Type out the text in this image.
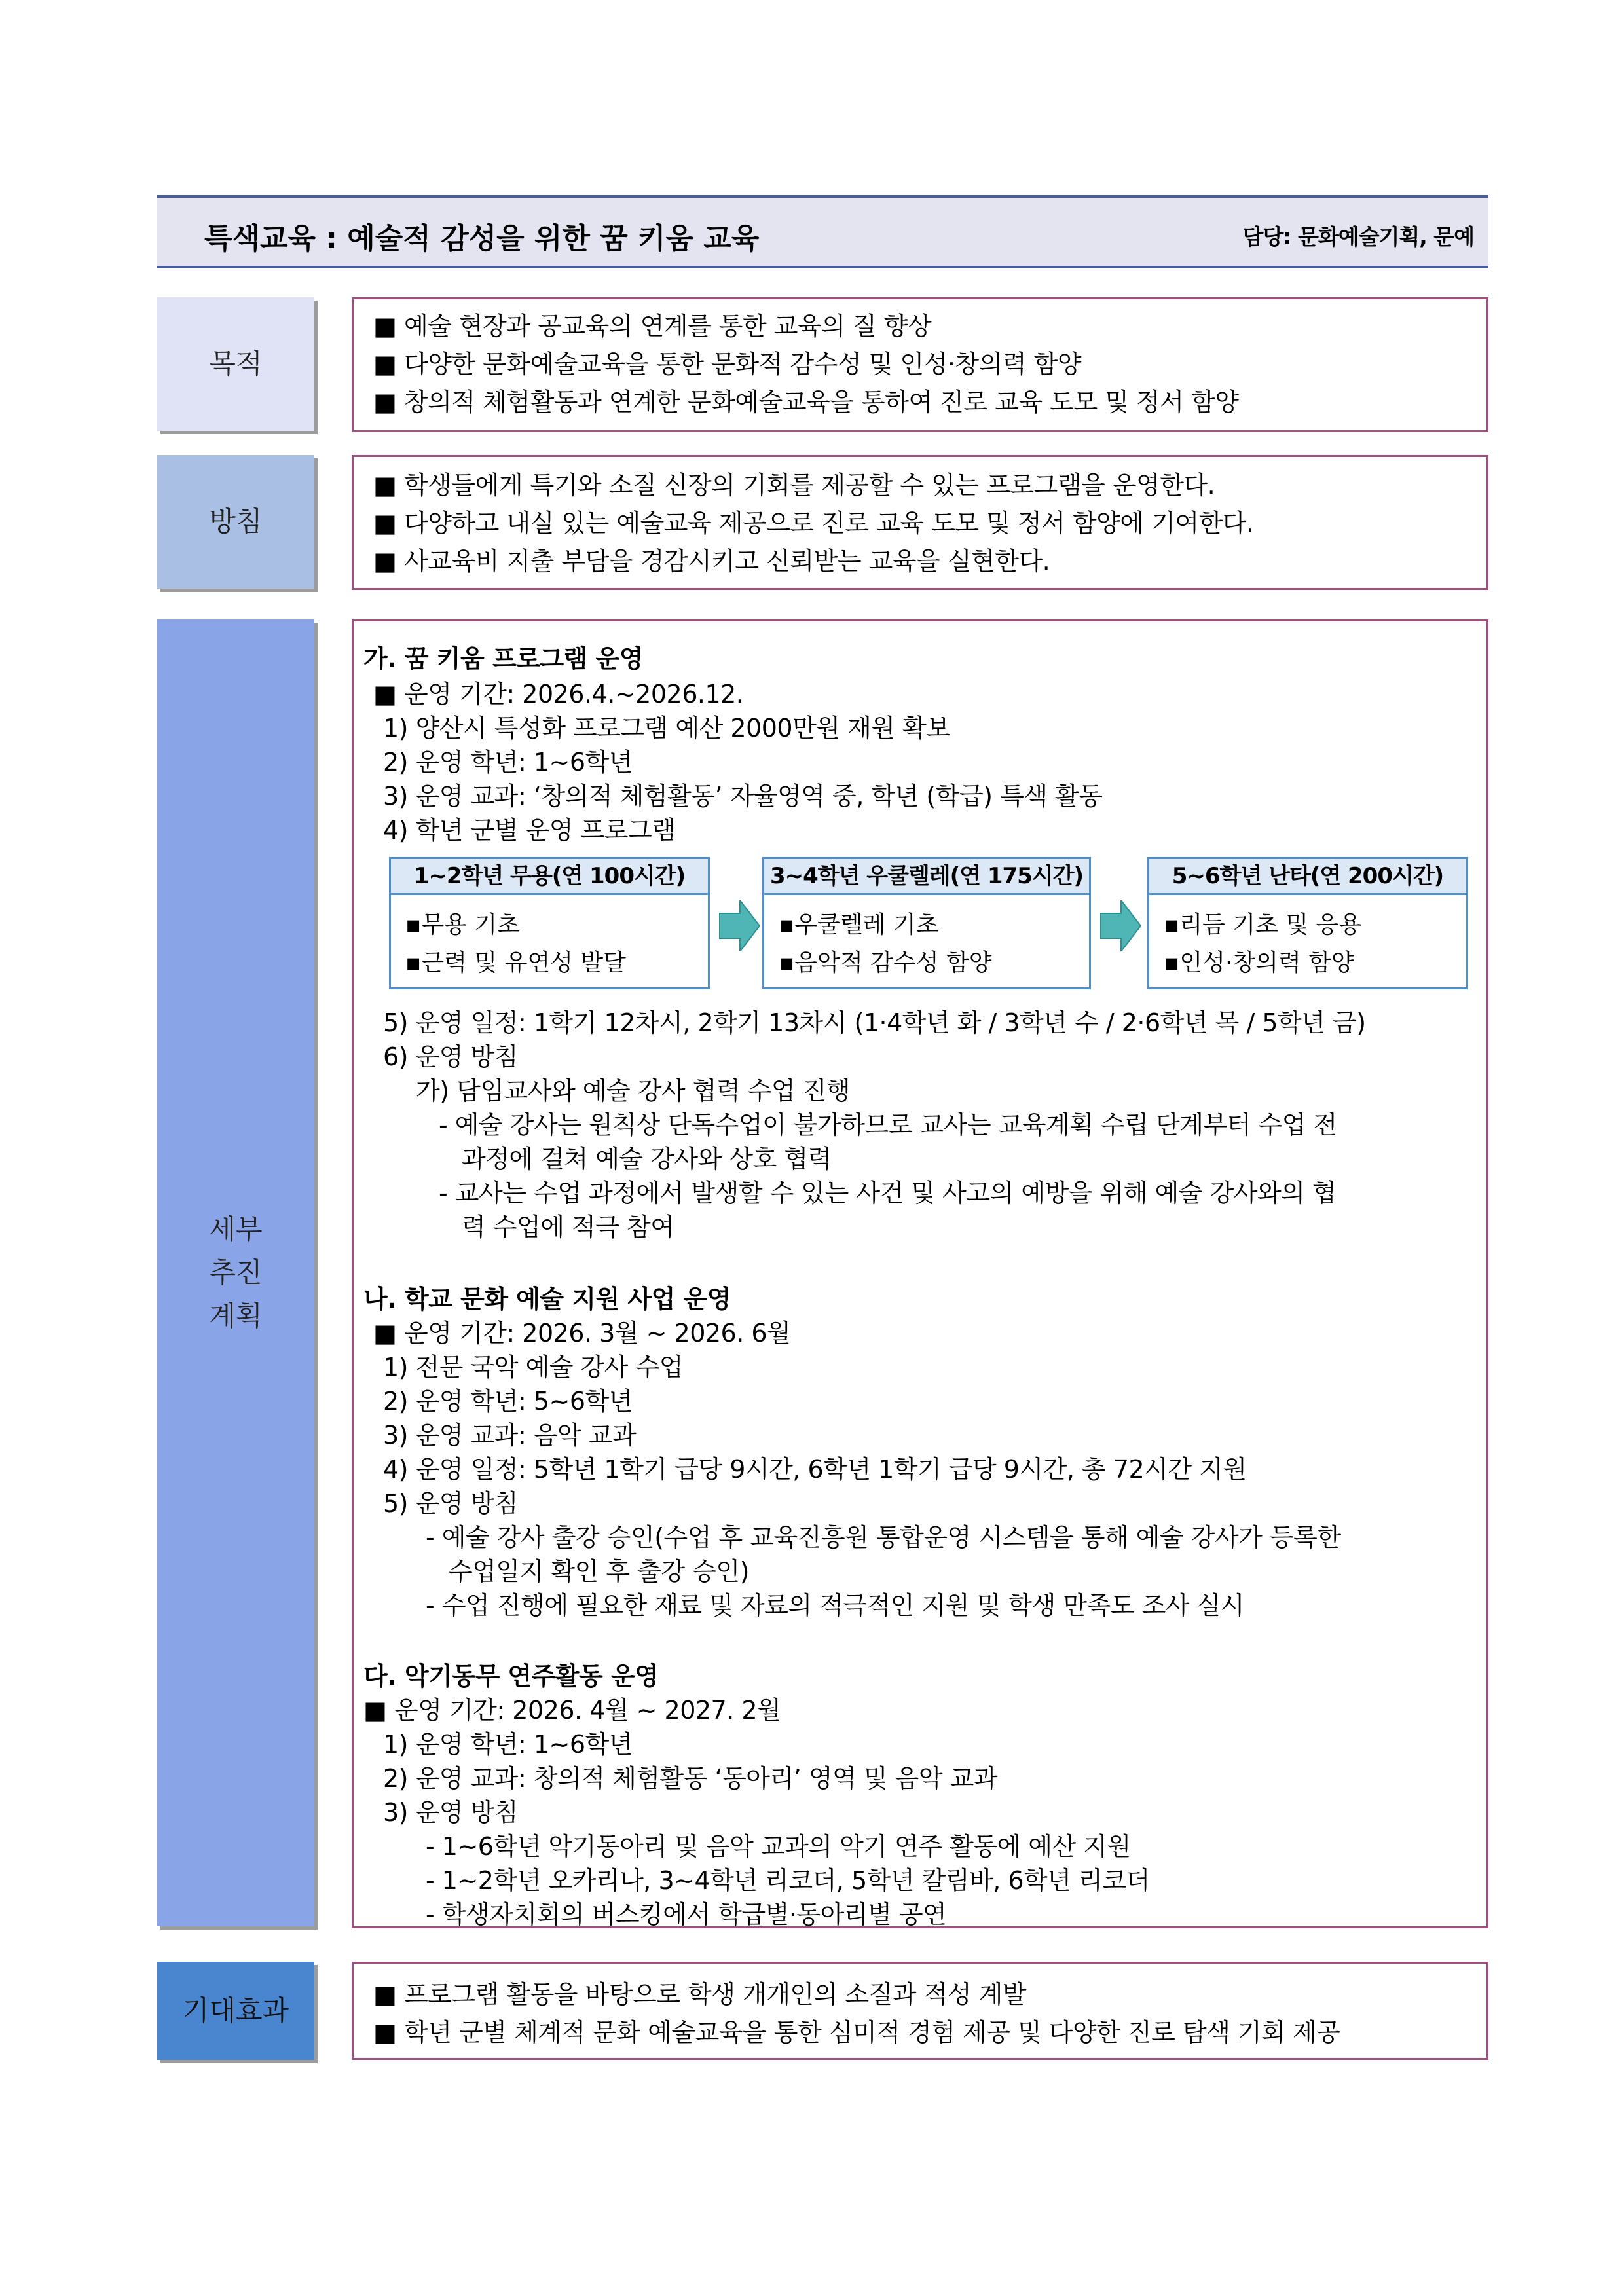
특색교육 : 예술적 감성을 위한 꿈 키움 교육	담당: 문화예술기획, 문예
목적
■ 예술 현장과 공교육의 연계를 통한 교육의 질 향상
■ 다양한 문화예술교육을 통한 문화적 감수성 및 인성·창의력 함양
■ 창의적 체험활동과 연계한 문화예술교육을 통하여 진로 교육 도모 및 정서 함양
방침
■ 학생들에게 특기와 소질 신장의 기회를 제공할 수 있는 프로그램을 운영한다.
■ 다양하고 내실 있는 예술교육 제공으로 진로 교육 도모 및 정서 함양에 기여한다.
■ 사교육비 지출 부담을 경감시키고 신뢰받는 교육을 실현한다.
세부
추진
계획
가. 꿈 키움 프로그램 운영
■ 운영 기간: 2026.4.~2026.12.
1) 양산시 특성화 프로그램 예산 2000만원 재원 확보
2) 운영 학년: 1~6학년
3) 운영 교과: ‘창의적 체험활동’ 자율영역 중, 학년 (학급) 특색 활동
4) 학년 군별 운영 프로그램
1~2학년 무용(연 100시간)
▪무용 기초
▪근력 및 유연성 발달
3~4학년 우쿨렐레(연 175시간)
▪우쿨렐레 기초
▪음악적 감수성 함양
5~6학년 난타(연 200시간)
▪리듬 기초 및 응용
▪인성·창의력 함양
5) 운영 일정: 1학기 12차시, 2학기 13차시 (1·4학년 화 / 3학년 수 / 2·6학년 목 / 5학년 금)
6) 운영 방침
가) 담임교사와 예술 강사 협력 수업 진행
- 예술 강사는 원칙상 단독수업이 불가하므로 교사는 교육계획 수립 단계부터 수업 전
과정에 걸쳐 예술 강사와 상호 협력
- 교사는 수업 과정에서 발생할 수 있는 사건 및 사고의 예방을 위해 예술 강사와의 협
력 수업에 적극 참여
나. 학교 문화 예술 지원 사업 운영
■ 운영 기간: 2026. 3월 ~ 2026. 6월
1) 전문 국악 예술 강사 수업
2) 운영 학년: 5~6학년
3) 운영 교과: 음악 교과
4) 운영 일정: 5학년 1학기 급당 9시간, 6학년 1학기 급당 9시간, 총 72시간 지원
5) 운영 방침
- 예술 강사 출강 승인(수업 후 교육진흥원 통합운영 시스템을 통해 예술 강사가 등록한
수업일지 확인 후 출강 승인)
- 수업 진행에 필요한 재료 및 자료의 적극적인 지원 및 학생 만족도 조사 실시
다. 악기동무 연주활동 운영
■ 운영 기간: 2026. 4월 ~ 2027. 2월
1) 운영 학년: 1~6학년
2) 운영 교과: 창의적 체험활동 ‘동아리’ 영역 및 음악 교과
3) 운영 방침
- 1~6학년 악기동아리 및 음악 교과의 악기 연주 활동에 예산 지원
- 1~2학년 오카리나, 3~4학년 리코더, 5학년 칼림바, 6학년 리코더
- 학생자치회의 버스킹에서 학급별·동아리별 공연
기대효과	■ 프로그램 활동을 바탕으로 학생 개개인의 소질과 적성 계발
■ 학년 군별 체계적 문화 예술교육을 통한 심미적 경험 제공 및 다양한 진로 탐색 기회 제공
